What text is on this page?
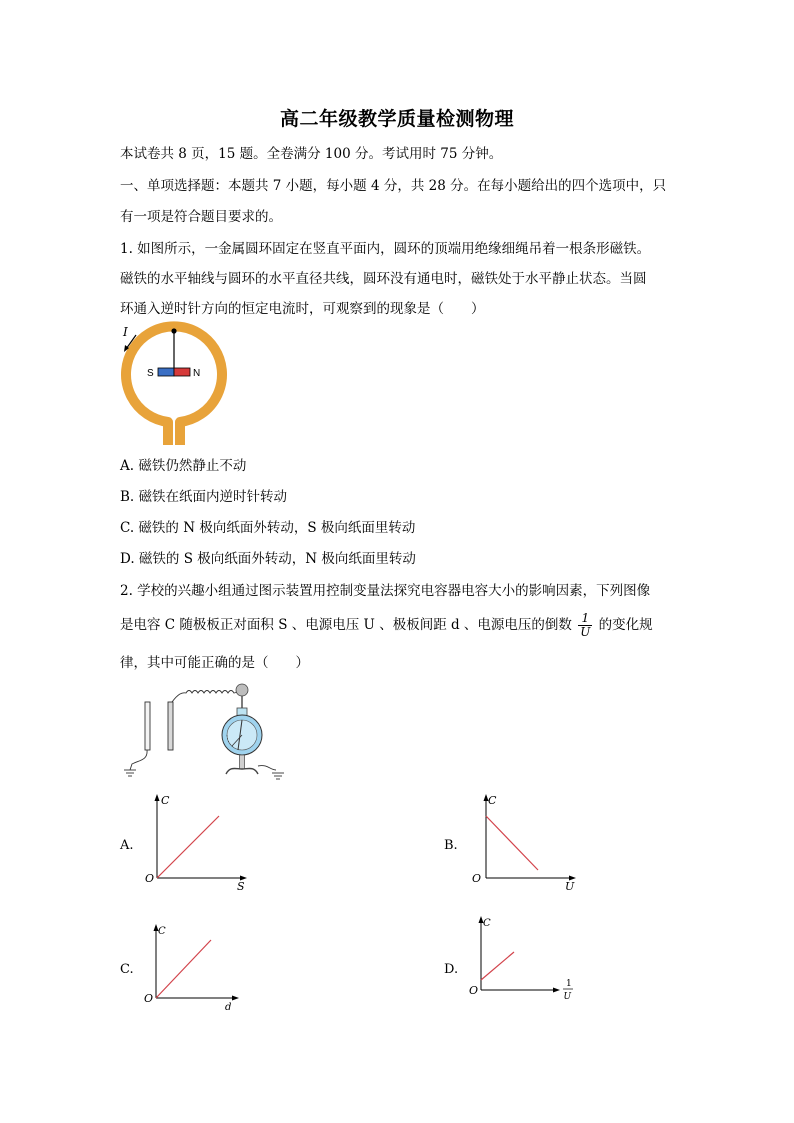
高二年级教学质量检测物理
本试卷共 8 页，15 题。全卷满分 100 分。考试用时 75 分钟。
一、单项选择题：本题共 7 小题，每小题 4 分，共 28 分。在每小题给出的四个选项中，只
有一项是符合题目要求的。
1. 如图所示，一金属圆环固定在竖直平面内，圆环的顶端用绝缘细绳吊着一根条形磁铁。
磁铁的水平轴线与圆环的水平直径共线，圆环没有通电时，磁铁处于水平静止状态。当圆
环通入逆时针方向的恒定电流时，可观察到的现象是（　　）
S	N
I
A. 磁铁仍然静止不动
B. 磁铁在纸面内逆时针转动
C. 磁铁的 N 极向纸面外转动，S 极向纸面里转动
D. 磁铁的 S 极向纸面外转动，N 极向纸面里转动
2. 学校的兴趣小组通过图示装置用控制变量法探究电容器电容大小的影响因素，下列图像
是电容 C 随极板正对面积 S 、电源电压 U 、极板间距 d 、电源电压的倒数 $\frac{1}{U}$ 的变化规
律，其中可能正确的是（　　）
A.
C
S
O
B.
C
U
O
C.
C
d
O
D.
C
1
U
O
